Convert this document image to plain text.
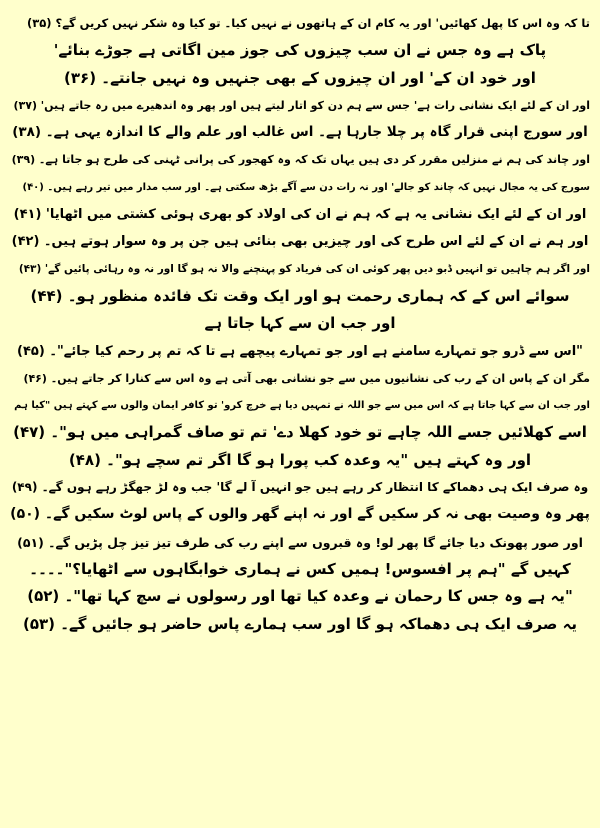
تا کہ وہ اس کا پھل کھائیں' اور یہ کام ان کے ہاتھوں نے نہیں کیا۔ تو کیا وہ شکر نہیں کریں گے؟ (۳۵)
پاک ہے وہ جس نے ان سب چیزوں کی جوز مین اگاتی ہے جوڑے بنائے'
اور خود ان کے' اور ان چیزوں کے بھی جنہیں وہ نہیں جانتے۔ (۳۶)
اور ان کے لئے ایک نشانی رات ہے' جس سے ہم دن کو اتار لیتے ہیں اور پھر وہ اندھیرے میں رہ جاتے ہیں' (۳۷)
اور سورج اپنی قرار گاہ پر چلا جارہا ہے۔ اس غالب اور علم والے کا اندازہ یہی ہے۔ (۳۸)
اور چاند کی ہم نے منزلیں مقرر کر دی ہیں یہاں تک کہ وہ کھجور کی پرانی ٹہنی کی طرح ہو جاتا ہے۔ (۳۹)
سورج کی یہ مجال نہیں کہ چاند کو جالے' اور نہ رات دن سے آگے بڑھ سکتی ہے۔ اور سب مدار میں تیر رہے ہیں۔ (۴۰)
اور ان کے لئے ایک نشانی یہ ہے کہ ہم نے ان کی اولاد کو بھری ہوئی کشتی میں اٹھایا' (۴۱)
اور ہم نے ان کے لئے اس طرح کی اور چیزیں بھی بنائی ہیں جن پر وہ سوار ہوتے ہیں۔ (۴۲)
اور اگر ہم چاہیں تو انہیں ڈبو دیں پھر کوئی ان کی فریاد کو پہنچنے والا نہ ہو گا اور نہ وہ رہائی پائیں گے' (۴۳)
سوائے اس کے کہ ہماری رحمت ہو اور ایک وقت تک فائدہ منظور ہو۔ (۴۴)
اور جب ان سے کہا جاتا ہے
"اس سے ڈرو جو تمہارے سامنے ہے اور جو تمہارے پیچھے ہے تا کہ تم پر رحم کیا جائے"۔ (۴۵)
مگر ان کے پاس ان کے رب کی نشانیوں میں سے جو نشانی بھی آتی ہے وہ اس سے کنارا کر جاتے ہیں۔ (۴۶)
اور جب ان سے کہا جاتا ہے کہ اس میں سے جو اللہ نے تمہیں دیا ہے خرچ کرو' تو کافر ایمان والوں سے کہتے ہیں "کیا ہم
اسے کھلائیں جسے اللہ چاہے تو خود کھلا دے' تم تو صاف گمراہی میں ہو"۔ (۴۷)
اور وہ کہتے ہیں "یہ وعدہ کب پورا ہو گا اگر تم سچے ہو"۔ (۴۸)
وہ صرف ایک ہی دھماکے کا انتظار کر رہے ہیں جو انہیں آ لے گا' جب وہ لڑ جھگڑ رہے ہوں گے۔ (۴۹)
پھر وہ وصیت بھی نہ کر سکیں گے اور نہ اپنے گھر والوں کے پاس لوٹ سکیں گے۔ (۵۰)
اور صور پھونک دیا جائے گا پھر لو! وہ قبروں سے اپنے رب کی طرف تیز تیز چل پڑیں گے۔ (۵۱)
کہیں گے "ہم پر افسوس! ہمیں کس نے ہماری خوابگاہوں سے اٹھایا؟"۔۔۔۔
"یہ ہے وہ جس کا رحمان نے وعدہ کیا تھا اور رسولوں نے سچ کہا تھا"۔ (۵۲)
یہ صرف ایک ہی دھماکہ ہو گا اور سب ہمارے پاس حاضر ہو جائیں گے۔ (۵۳)
